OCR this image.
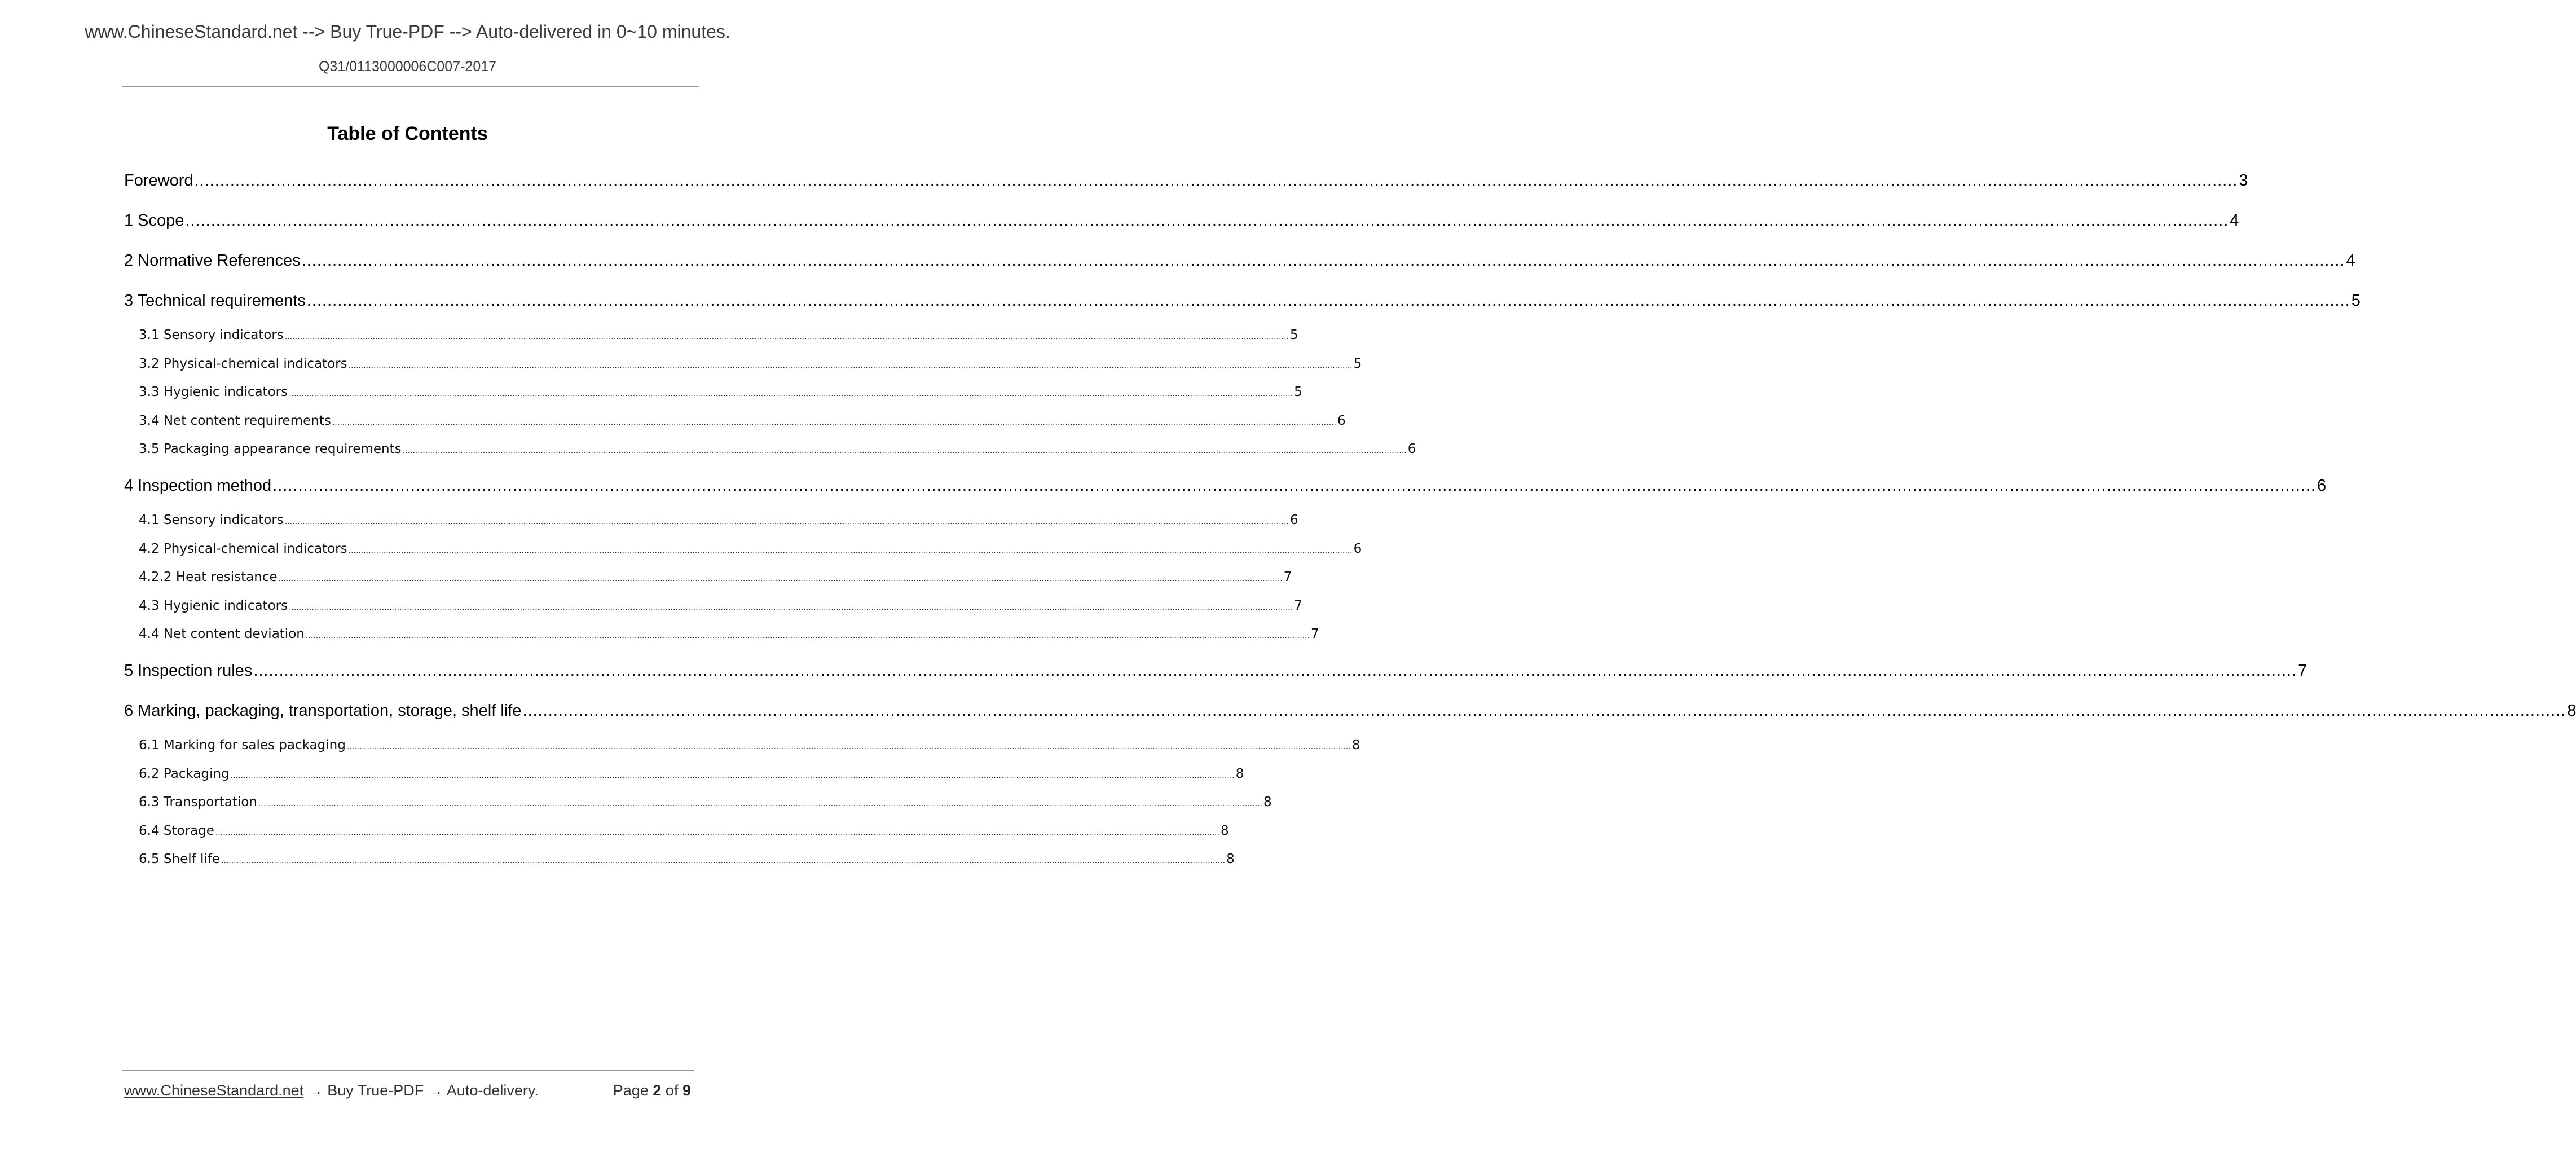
www.ChineseStandard.net --> Buy True-PDF --> Auto-delivered in 0~10 minutes.
Q31/0113000006C007-2017
Table of Contents
Foreword ................................................................................................................................................................................................................................................................................................................................................................................................................ 3
1 Scope ................................................................................................................................................................................................................................................................................................................................................................................................................ 4
2 Normative References ................................................................................................................................................................................................................................................................................................................................................................................................................ 4
3 Technical requirements ................................................................................................................................................................................................................................................................................................................................................................................................................ 5
3.1 Sensory indicators ................................................................................................................................................................................................................................................................................................................................................................................................................ 5
3.2 Physical-chemical indicators ................................................................................................................................................................................................................................................................................................................................................................................................................ 5
3.3 Hygienic indicators ................................................................................................................................................................................................................................................................................................................................................................................................................ 5
3.4 Net content requirements ................................................................................................................................................................................................................................................................................................................................................................................................................ 6
3.5 Packaging appearance requirements ................................................................................................................................................................................................................................................................................................................................................................................................................ 6
4 Inspection method ................................................................................................................................................................................................................................................................................................................................................................................................................ 6
4.1 Sensory indicators ................................................................................................................................................................................................................................................................................................................................................................................................................ 6
4.2 Physical-chemical indicators ................................................................................................................................................................................................................................................................................................................................................................................................................ 6
4.2.2 Heat resistance ................................................................................................................................................................................................................................................................................................................................................................................................................ 7
4.3 Hygienic indicators ................................................................................................................................................................................................................................................................................................................................................................................................................ 7
4.4 Net content deviation ................................................................................................................................................................................................................................................................................................................................................................................................................ 7
5 Inspection rules ................................................................................................................................................................................................................................................................................................................................................................................................................ 7
6 Marking, packaging, transportation, storage, shelf life ................................................................................................................................................................................................................................................................................................................................................................................................................ 8
6.1 Marking for sales packaging ................................................................................................................................................................................................................................................................................................................................................................................................................ 8
6.2 Packaging ................................................................................................................................................................................................................................................................................................................................................................................................................ 8
6.3 Transportation ................................................................................................................................................................................................................................................................................................................................................................................................................ 8
6.4 Storage ................................................................................................................................................................................................................................................................................................................................................................................................................ 8
6.5 Shelf life ................................................................................................................................................................................................................................................................................................................................................................................................................ 8
www.ChineseStandard.net → Buy True-PDF → Auto-delivery.	Page 2 of 9
